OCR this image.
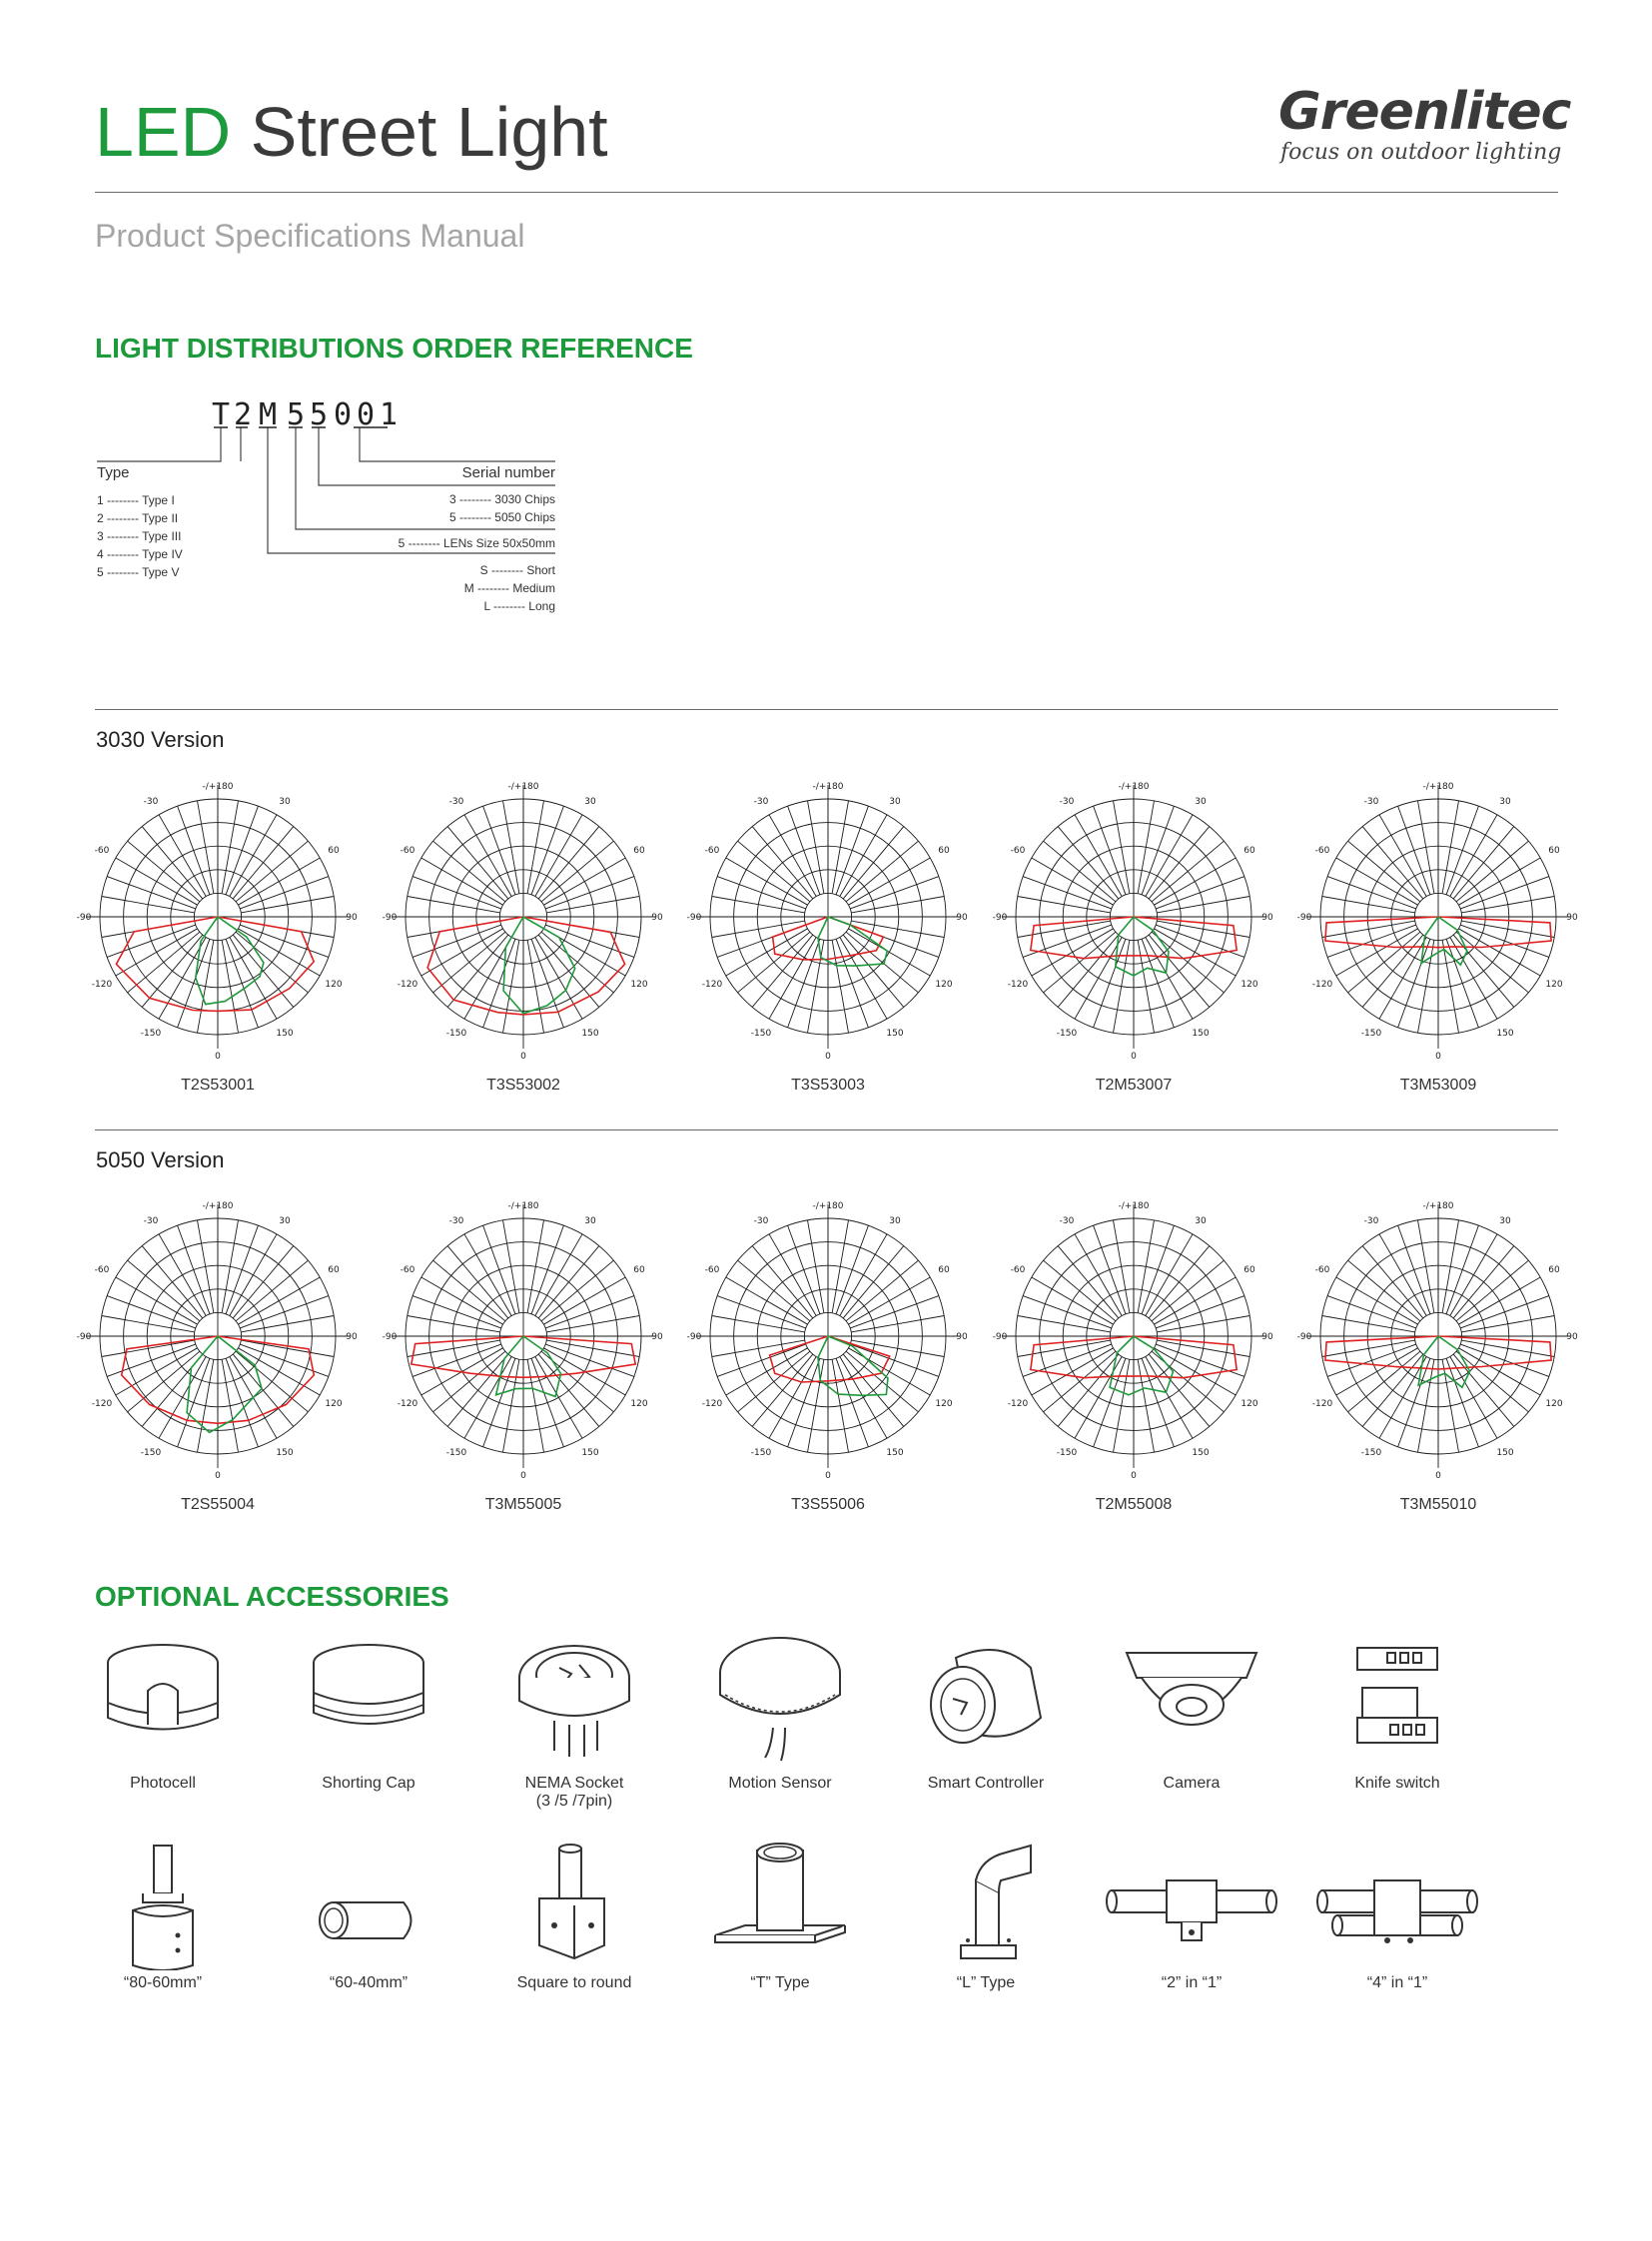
LED Street Light	Greenlitec
focus on outdoor lighting
Product Specifications Manual
LIGHT DISTRIBUTIONS ORDER REFERENCE
T 2 M 5 5 0 0 1
Type
1 -------- Type I
2 -------- Type II
3 -------- Type III
4 -------- Type IV
5 -------- Type V
Serial number
3 -------- 3030 Chips
5 -------- 5050 Chips
5 -------- LENs Size 50x50mm
S -------- Short
M -------- Medium
L -------- Long
3030 Version
5050 Version
-/+180
0
-150	150
-120	120
-90	90
-60	60
-30	30
T2S53001
-/+180
0
-150	150
-120	120
-90	90
-60	60
-30	30
T3S53002
-/+180
0
-150	150
-120	120
-90	90
-60	60
-30	30
T3S53003
-/+180
0
-150	150
-120	120
-90	90
-60	60
-30	30
T2M53007
-/+180
0
-150	150
-120	120
-90	90
-60	60
-30	30
T3M53009
-/+180
0
-150	150
-120	120
-90	90
-60	60
-30	30
T2S55004
-/+180
0
-150	150
-120	120
-90	90
-60	60
-30	30
T3M55005
-/+180
0
-150	150
-120	120
-90	90
-60	60
-30	30
T3S55006
-/+180
0
-150	150
-120	120
-90	90
-60	60
-30	30
T2M55008
-/+180
0
-150	150
-120	120
-90	90
-60	60
-30	30
T3M55010
OPTIONAL ACCESSORIES
Photocell	Shorting Cap	NEMA Socket
(3 /5 /7pin)
Motion Sensor	Smart Controller	Camera	Knife switch
“80-60mm”	“60-40mm”	Square to round	“T” Type	“L” Type	“2” in “1”	“4” in “1”
